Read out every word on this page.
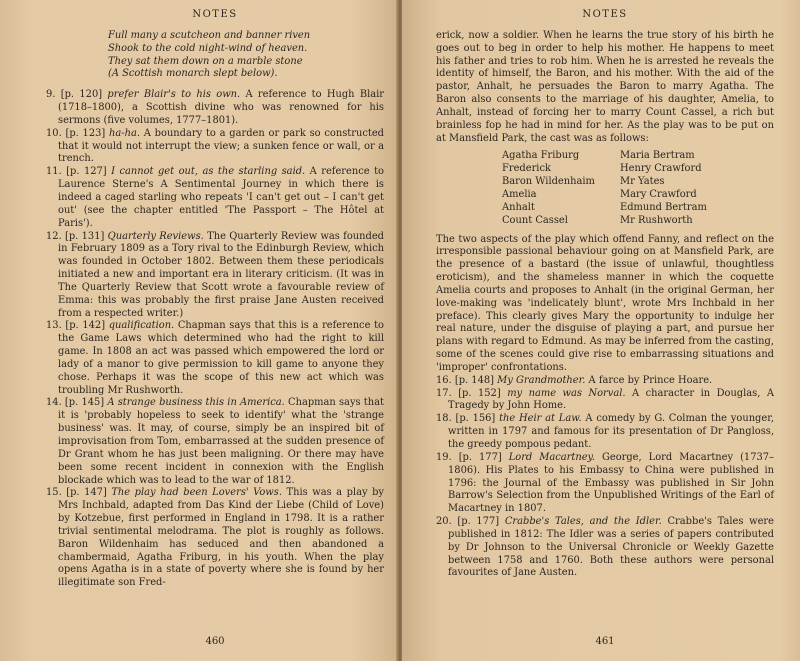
NOTES
Full many a scutcheon and banner riven
Shook to the cold night-wind of heaven.
They sat them down on a marble stone
(A Scottish monarch slept below).

9. [p. 120] prefer Blair's to his own. A reference to Hugh Blair (1718–1800), a Scottish divine who was renowned for his sermons (five volumes, 1777–1801).

10. [p. 123] ha-ha. A boundary to a garden or park so constructed that it would not interrupt the view; a sunken fence or wall, or a trench.

11. [p. 127] I cannot get out, as the starling said. A reference to Laurence Sterne's A Sentimental Journey in which there is indeed a caged starling who repeats 'I can't get out – I can't get out' (see the chapter entitled 'The Passport – The Hôtel at Paris').

12. [p. 131] Quarterly Reviews. The Quarterly Review was founded in February 1809 as a Tory rival to the Edinburgh Review, which was founded in October 1802. Between them these periodicals initiated a new and important era in literary criticism. (It was in The Quarterly Review that Scott wrote a favourable review of Emma: this was probably the first praise Jane Austen received from a respected writer.)

13. [p. 142] qualification. Chapman says that this is a reference to the Game Laws which determined who had the right to kill game. In 1808 an act was passed which empowered the lord or lady of a manor to give permission to kill game to anyone they chose. Perhaps it was the scope of this new act which was troubling Mr Rushworth.

14. [p. 145] A strange business this in America. Chapman says that it is 'probably hopeless to seek to identify' what the 'strange business' was. It may, of course, simply be an inspired bit of improvisation from Tom, embarrassed at the sudden presence of Dr Grant whom he has just been maligning. Or there may have been some recent incident in connexion with the English blockade which was to lead to the war of 1812.

15. [p. 147] The play had been Lovers' Vows. This was a play by Mrs Inchbald, adapted from Das Kind der Liebe (Child of Love) by Kotzebue, first performed in England in 1798. It is a rather trivial sentimental melodrama. The plot is roughly as follows. Baron Wildenhaim has seduced and then abandoned a chambermaid, Agatha Friburg, in his youth. When the play opens Agatha is in a state of poverty where she is found by her illegitimate son Fred-

460
NOTES

erick, now a soldier. When he learns the true story of his birth he goes out to beg in order to help his mother. He happens to meet his father and tries to rob him. When he is arrested he reveals the identity of himself, the Baron, and his mother. With the aid of the pastor, Anhalt, he persuades the Baron to marry Agatha. The Baron also consents to the marriage of his daughter, Amelia, to Anhalt, instead of forcing her to marry Count Cassel, a rich but brainless fop he had in mind for her. As the play was to be put on at Mansfield Park, the cast was as follows:

Agatha Friburg	Maria Bertram
Frederick	Henry Crawford
Baron Wildenhaim	Mr Yates
Amelia	Mary Crawford
Anhalt	Edmund Bertram
Count Cassel	Mr Rushworth

The two aspects of the play which offend Fanny, and reflect on the irresponsible passional behaviour going on at Mansfield Park, are the presence of a bastard (the issue of unlawful, thoughtless eroticism), and the shameless manner in which the coquette Amelia courts and proposes to Anhalt (in the original German, her love-making was 'indelicately blunt', wrote Mrs Inchbald in her preface). This clearly gives Mary the opportunity to indulge her real nature, under the disguise of playing a part, and pursue her plans with regard to Edmund. As may be inferred from the casting, some of the scenes could give rise to embarrassing situations and 'improper' confrontations.

16. [p. 148] My Grandmother. A farce by Prince Hoare.

17. [p. 152] my name was Norval. A character in Douglas, A Tragedy by John Home.

18. [p. 156] the Heir at Law. A comedy by G. Colman the younger, written in 1797 and famous for its presentation of Dr Pangloss, the greedy pompous pedant.

19. [p. 177] Lord Macartney. George, Lord Macartney (1737–1806). His Plates to his Embassy to China were published in 1796: the Journal of the Embassy was published in Sir John Barrow's Selection from the Unpublished Writings of the Earl of Macartney in 1807.

20. [p. 177] Crabbe's Tales, and the Idler. Crabbe's Tales were published in 1812: The Idler was a series of papers contributed by Dr Johnson to the Universal Chronicle or Weekly Gazette between 1758 and 1760. Both these authors were personal favourites of Jane Austen.

461
